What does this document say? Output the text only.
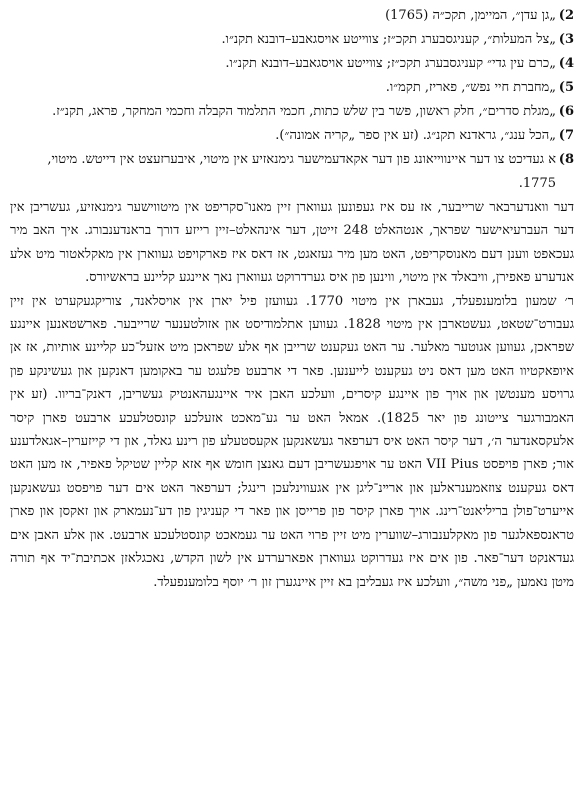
2)
„גן עדן״, המיימן, תקכ״ה (1765)
3)
„צל המעלות״, קעניגסבערג תקכ״ז; צווייטע אויסגאבע–דובנא תקנ״ו.
4)
„כרם עין גדי״ קעניגסבערג תקכ״ז; צווייטע אויסגאבע–דובנא תקנ״ו.
5)
„מחברת חיי נפש״, פאריז, תקמ״ו.
6)
„מגלת סדרים״, חלק ראשון, פשר בין שלש כתות, חכמי התלמוד הקבלה וחכמי המחקר, פראג, תקנ״ז.
7)
„הכל ענג״, גראדנא תקנ״ג. (זע אין ספר „קריה אמונה״).
8)
א געדיכט צו דער איינווייאונג פון דער אקאדעמישער גימנאזיע אין מיטוי, איבערזעצט אין דייטש. מיטוי, 1775.

דער וואנדערבאר שרייבער, אז עס איז געפונען געווארן זיין מאנו־סקריפט אין מיטווישער גימנאזיע, געשריבן אין דער העברעיאישער שפראך, אנטהאלט 248 זייטן, דער אינהאלט–זיין רייזע דורך בראנדענבורג. איך האב מיר געכאפט ווענן דעם מאנוסקריפט, האט מען מיר געזאגט, אז דאס איז פארקויפט געווארן אין מאקלאטור מיט אלע אנדערע פאפירן, וויבאלד אין מיטוי, ווינען פון איס גערדרוקט געווארן נאך איינגע קליינע בראשיורס.

ר׳ שמעון בלומענפעלד, געבארן אין מיטוי 1770. געוועזן פיל יארן אין אויסלאנד, צוריקגעקערט אין זיין געבורט־שטאט, געשטארבן אין מיטוי 1828. געווען אתלמודיסט און אזולטענער שרייבער. פארשטאנען איינגע שפראכן, געווען אגוטער מאלער. ער האט געקענט שרייבן אף אלע שפראכן מיט אזעל־כע קליינע אותיות, אז אן איופאקטיוו האט מען דאס ניט געקענט לייענען. פאר די ארבעט פלעגט ער באקומען דאנקען און געשינקע פון גרויסע מענטשן און אויך פון איינגע קיסרים, וועלכע האבן איר איינגעהאנטיק געשריבן, דאנק־בריוו. (זע אין האמבורגער צייטונג פון יאר 1825). אמאל האט ער גע־מאכט אזעלכע קונסטלעכע ארבעט פארן קיסר אלעקסאנדער ה׳, דער קיסר האט איס דערפאר געשאנקען אקעסטעלע פון רינע גאלד, און די קייזערין–אגאלדענע אור; פארן פויפסט VII Pius האט ער אויפגעשריבן דעם גאנצן חומש אף אזא קליין שטיקל פאפיר, אז מען האט דאס געקענט צוזאמענראלען און ארײנ־ליגן אין אגעווינלעכן רינגל; דערפאר האט אים דער פויפסט געשאנקען אייערט־פולן בריליאנט־רינג. אויך פארן קיסר פון פרייסן און פאר די קעניגין פון דע־נעמארק און זאקסן און פארן טראנספאלגער פון מאקלענבורג–שווערין מיט זיין פרוי האט ער געמאכט קונסטלעכע ארבעט. און אלע האבן אים געדאנקט דער־פאר. פון אים איז געדרוקט געווארן אפארערדע אין לשון הקדש, נאכגלאזן אכתיבת־יד אף תורה מיטן נאמען „פני משה״, וועלכע איז געבליבן בא זיין איינגערן זון ר׳ יוסף בלומענפעלד.
